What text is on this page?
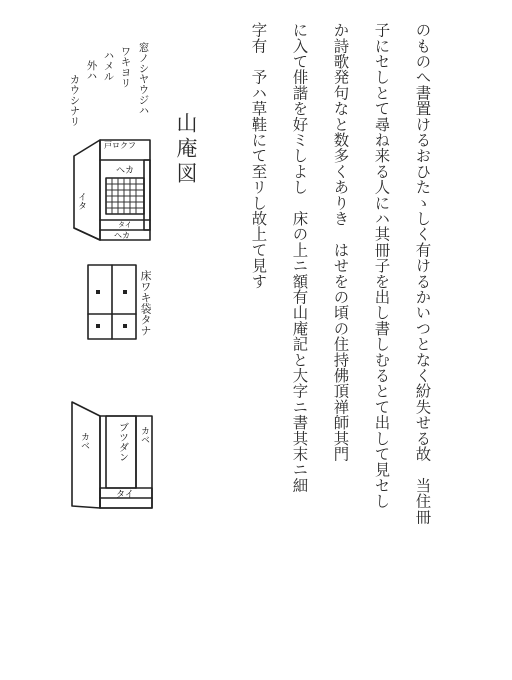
のものへ書置けるおひたゝしく有けるかいつとなく紛失せる故　当住冊
子にセしとて尋ね来る人にハ其冊子を出し書しむるとて出して見セし
か詩歌発句なと数多くありき　はせをの頃の住持佛頂禅師其門
に入て俳諧を好ミしよし　床の上ニ額有山庵記と大字ニ書其末ニ細
字有　予ハ草鞋にて至リし故上て見す
山庵図
窓ノシヤウジハ
ワキヨリ
ハメル
外ハ
カウシナリ
戸ロクフ
ヘカ
イタ
タイ
ヘカ
床ワキ袋タナ
カベ	ブツダン カベ
タイ
